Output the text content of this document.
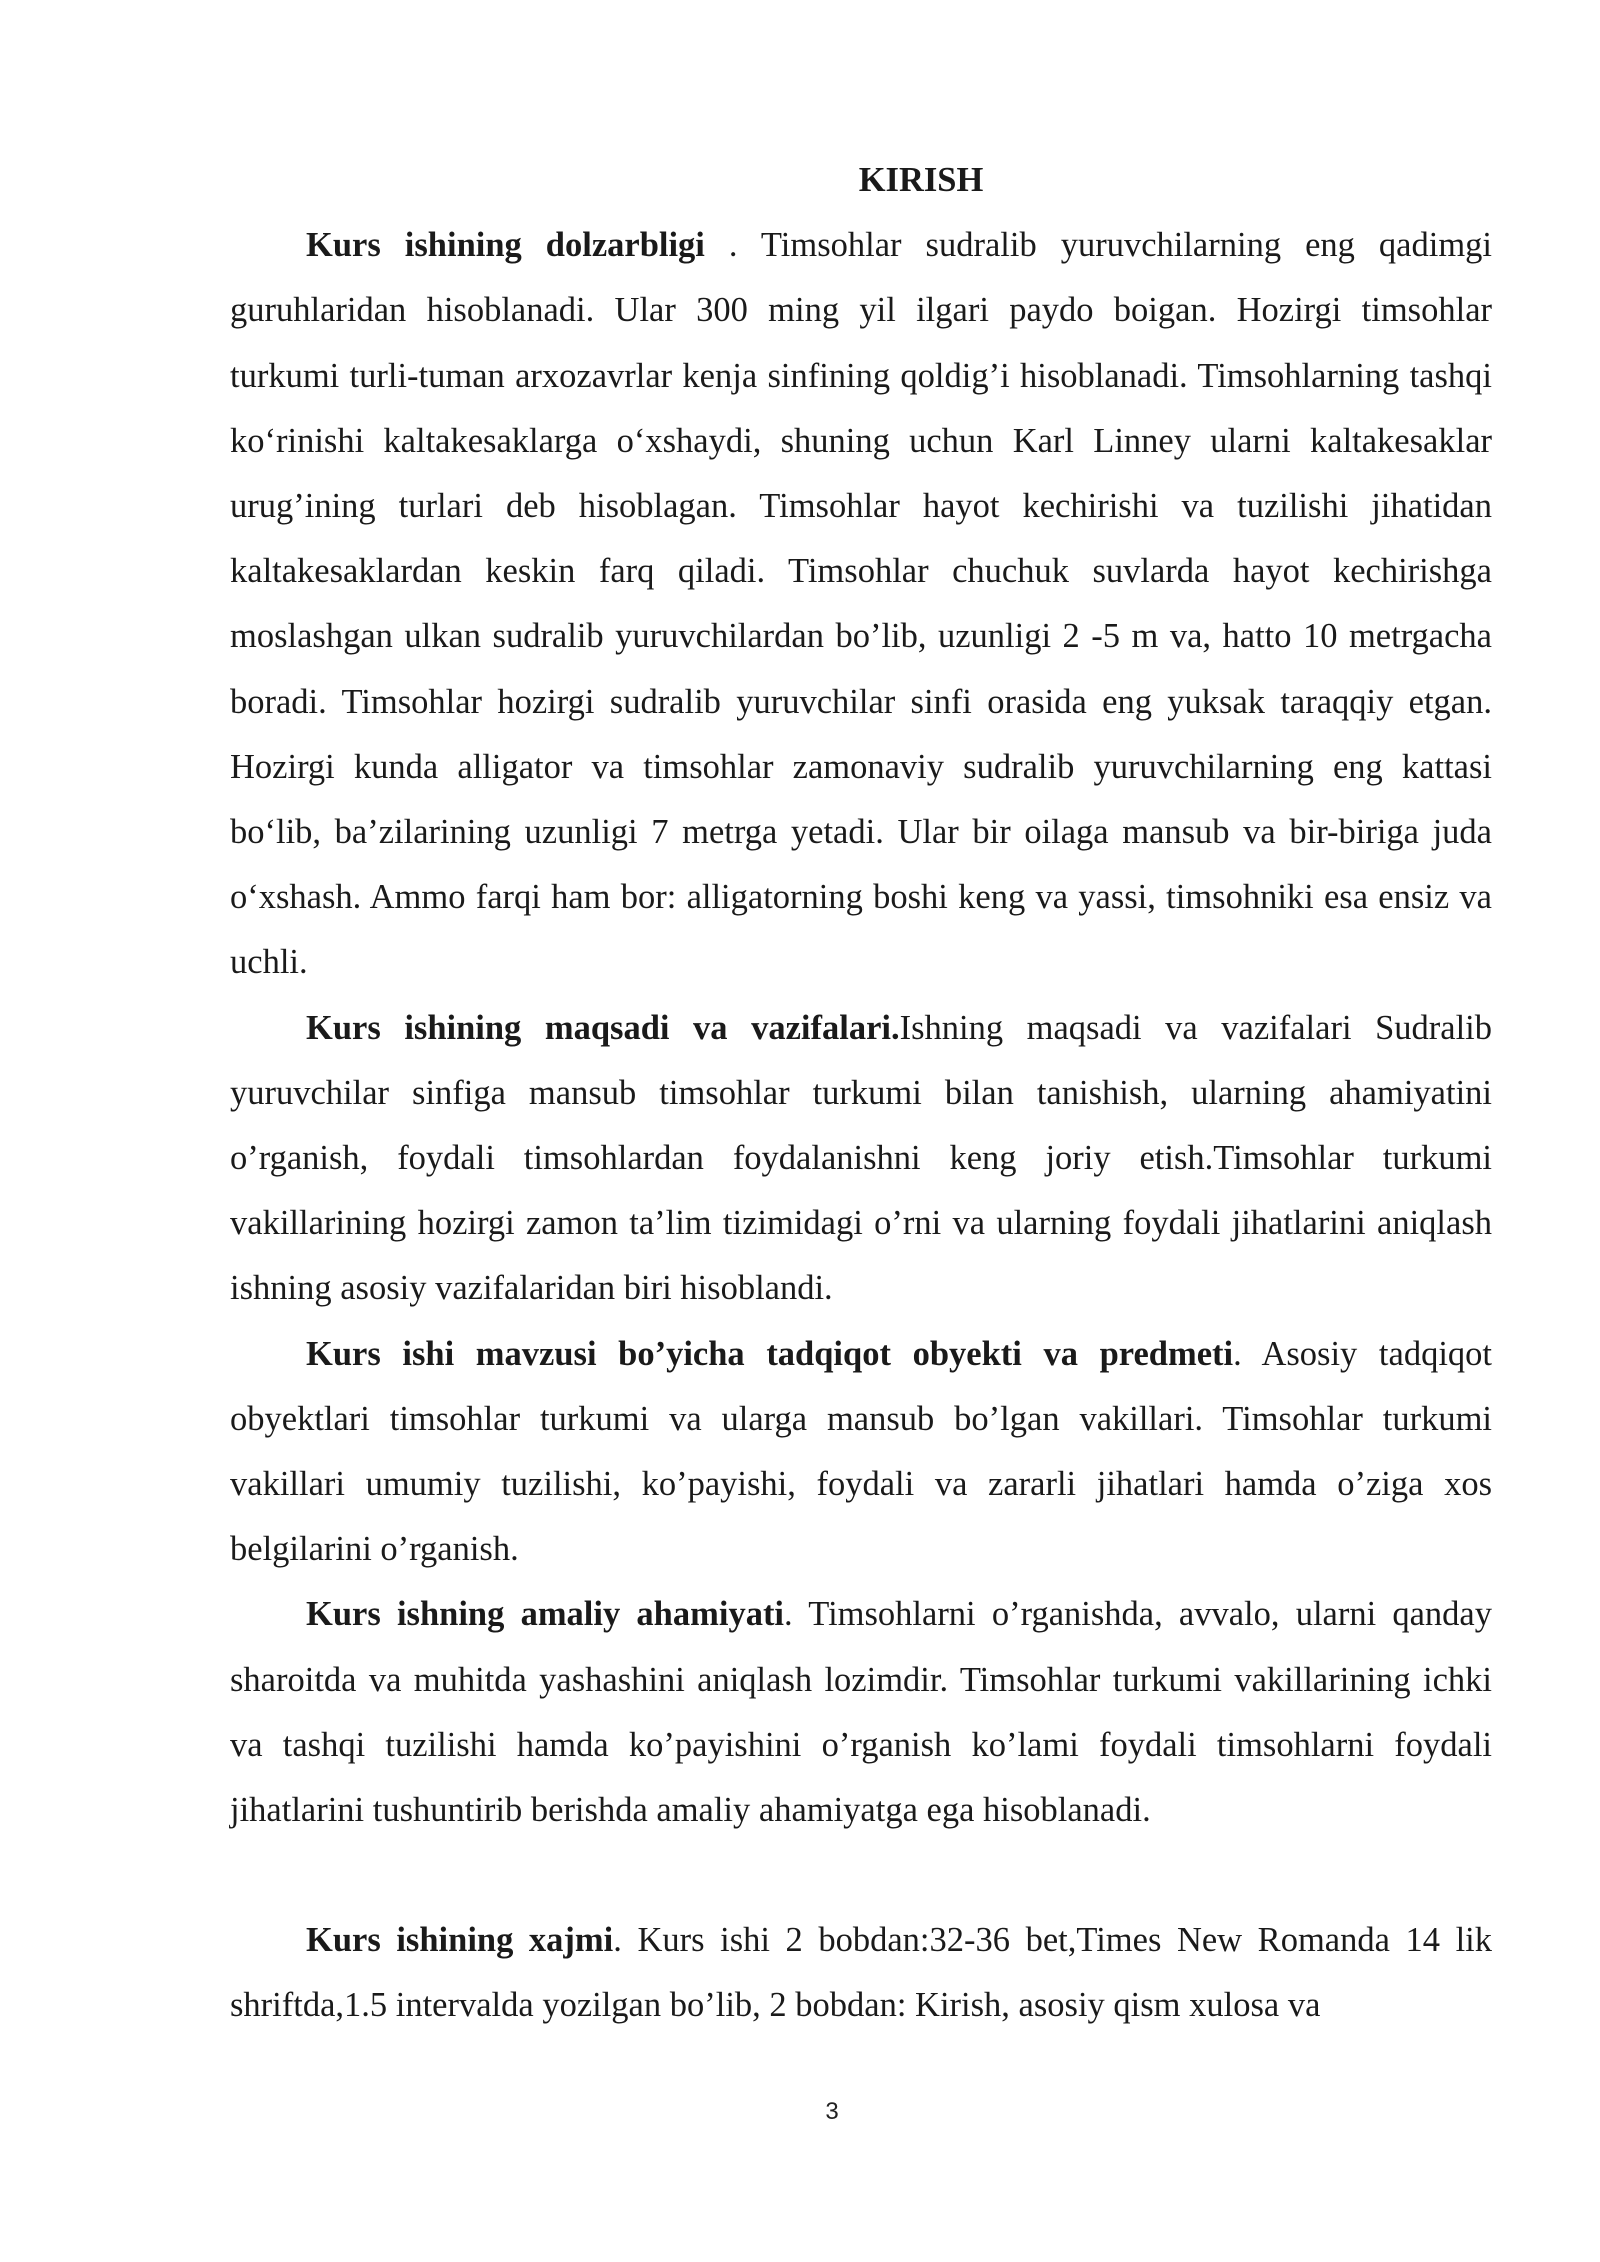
KIRISH

Kurs ishining dolzarbligi . Timsohlar sudralib yuruvchilarning eng qadimgi guruhlaridan hisoblanadi. Ular 300 ming yil ilgari paydo boigan. Hozirgi timsohlar turkumi turli-tuman arxozavrlar kenja sinfining qoldig’i hisoblanadi. Timsohlarning tashqi ko‘rinishi kaltakesaklarga o‘xshaydi, shuning uchun Karl Linney ularni kaltakesaklar urug’ining turlari deb hisoblagan. Timsohlar hayot kechirishi va tuzilishi jihatidan kaltakesaklardan keskin farq qiladi. Timsohlar chuchuk suvlarda hayot kechirishga moslashgan ulkan sudralib yuruvchilardan bo’lib, uzunligi 2 -5 m va, hatto 10 metrgacha boradi. Timsohlar hozirgi sudralib yuruvchilar sinfi orasida eng yuksak taraqqiy etgan. Hozirgi kunda alligator va timsohlar zamonaviy sudralib yuruvchilarning eng kattasi bo‘lib, ba’zilarining uzunligi 7 metrga yetadi. Ular bir oilaga mansub va bir-biriga juda o‘xshash. Ammo farqi ham bor: alligatorning boshi keng va yassi, timsohniki esa ensiz va uchli.

Kurs ishining maqsadi va vazifalari.Ishning maqsadi va vazifalari Sudralib yuruvchilar sinfiga mansub timsohlar turkumi bilan tanishish, ularning ahamiyatini o’rganish, foydali timsohlardan foydalanishni keng joriy etish.Timsohlar turkumi vakillarining hozirgi zamon ta’lim tizimidagi o’rni va ularning foydali jihatlarini aniqlash ishning asosiy vazifalaridan biri hisoblandi.

Kurs ishi mavzusi bo’yicha tadqiqot obyekti va predmeti. Asosiy tadqiqot obyektlari timsohlar turkumi va ularga mansub bo’lgan vakillari. Timsohlar turkumi vakillari umumiy tuzilishi, ko’payishi, foydali va zararli jihatlari hamda o’ziga xos belgilarini o’rganish.

Kurs ishning amaliy ahamiyati. Timsohlarni o’rganishda, avvalo, ularni qanday sharoitda va muhitda yashashini aniqlash lozimdir. Timsohlar turkumi vakillarining ichki va tashqi tuzilishi hamda ko’payishini o’rganish ko’lami foydali timsohlarni foydali jihatlarini tushuntirib berishda amaliy ahamiyatga ega hisoblanadi.

Kurs ishining xajmi. Kurs ishi 2 bobdan:32-36 bet,Times New Romanda 14 lik shriftda,1.5 intervalda yozilgan bo’lib, 2 bobdan: Kirish, asosiy qism xulosa va

3
